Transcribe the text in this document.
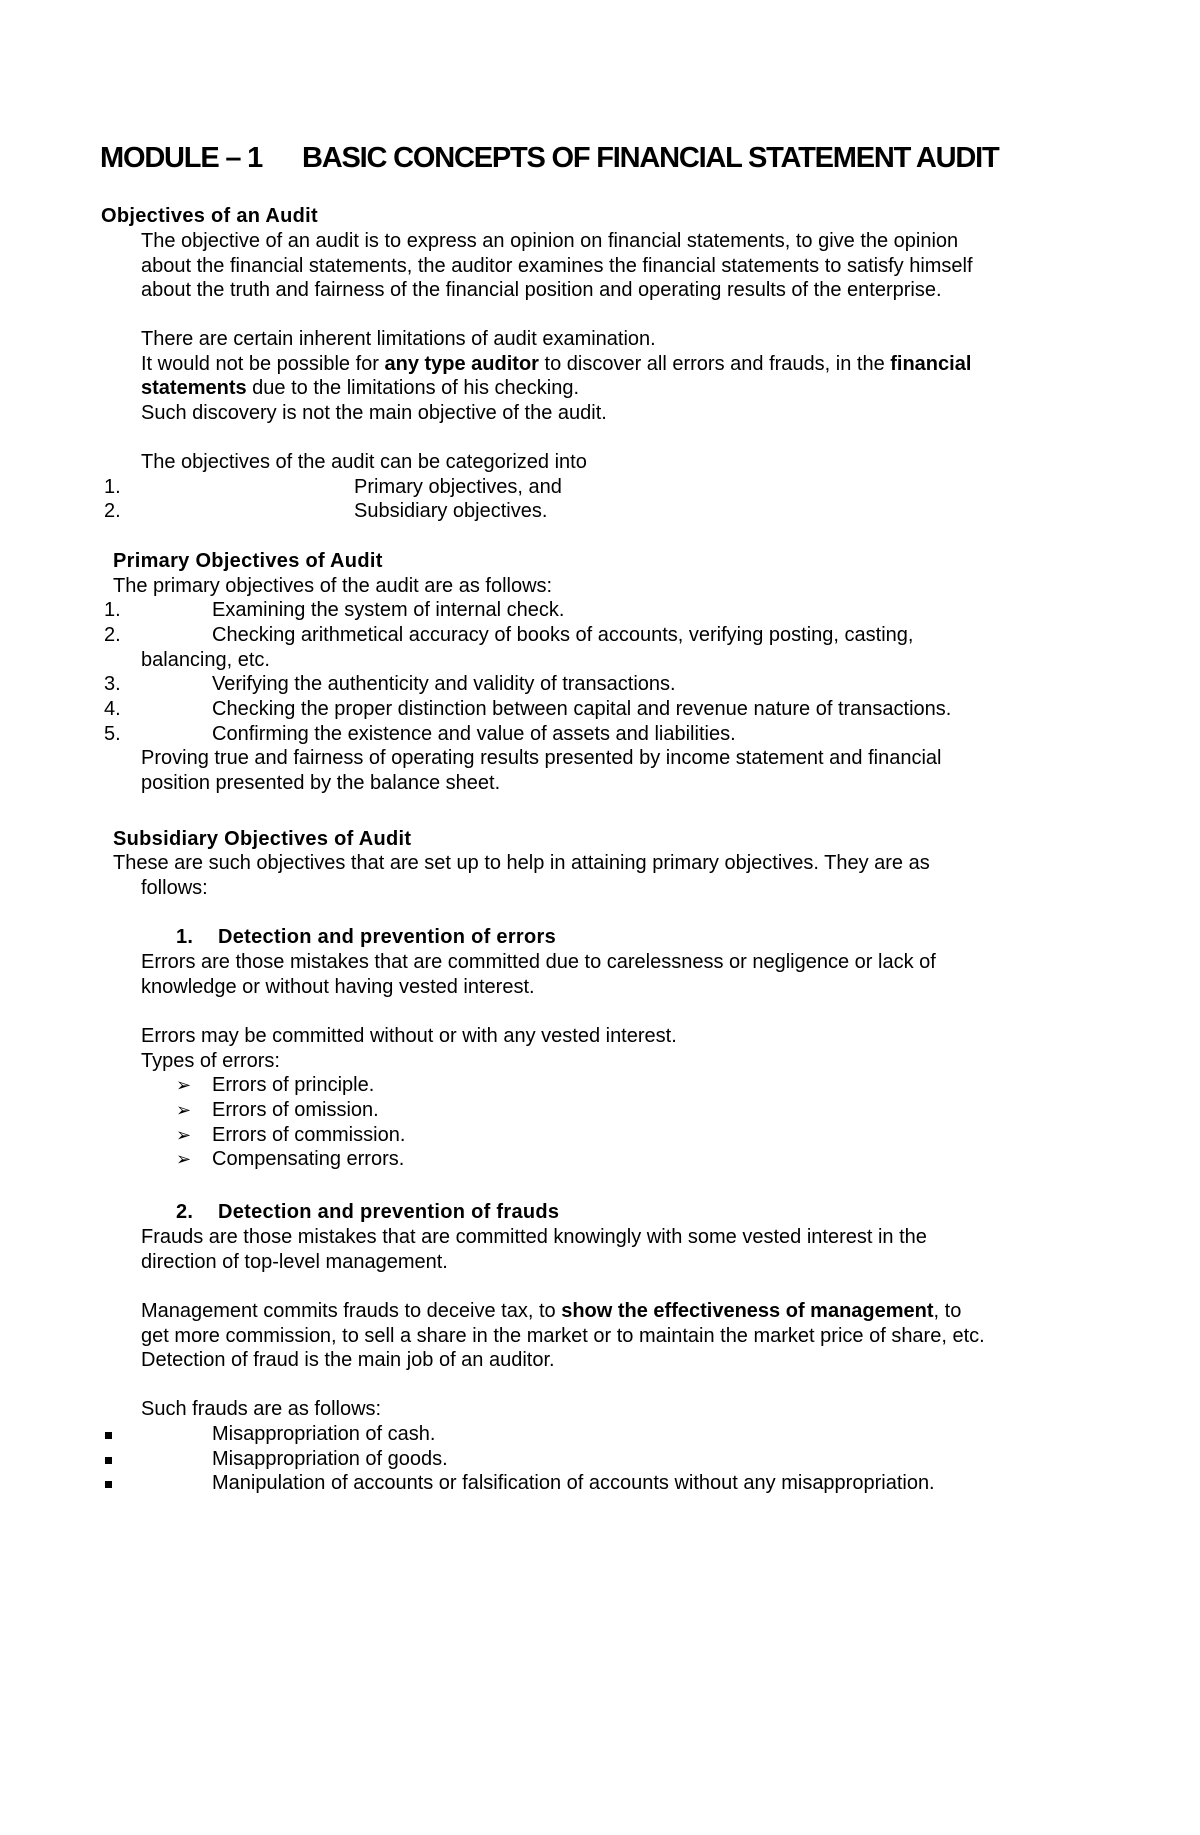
MODULE – 1 BASIC CONCEPTS OF FINANCIAL STATEMENT AUDIT
Objectives of an Audit
The objective of an audit is to express an opinion on financial statements, to give the opinion
about the financial statements, the auditor examines the financial statements to satisfy himself
about the truth and fairness of the financial position and operating results of the enterprise.
There are certain inherent limitations of audit examination.
It would not be possible for any type auditor to discover all errors and frauds, in the financial
statements due to the limitations of his checking.
Such discovery is not the main objective of the audit.
The objectives of the audit can be categorized into
1.	Primary objectives, and
2.	Subsidiary objectives.
Primary Objectives of Audit
The primary objectives of the audit are as follows:
1.	Examining the system of internal check.
2.	Checking arithmetical accuracy of books of accounts, verifying posting, casting,
balancing, etc.
3.	Verifying the authenticity and validity of transactions.
4.	Checking the proper distinction between capital and revenue nature of transactions.
5.	Confirming the existence and value of assets and liabilities.
Proving true and fairness of operating results presented by income statement and financial
position presented by the balance sheet.
Subsidiary Objectives of Audit
These are such objectives that are set up to help in attaining primary objectives. They are as
follows:
1. Detection and prevention of errors
Errors are those mistakes that are committed due to carelessness or negligence or lack of
knowledge or without having vested interest.
Errors may be committed without or with any vested interest.
Types of errors:
➢ Errors of principle.
➢ Errors of omission.
➢ Errors of commission.
➢ Compensating errors.
2. Detection and prevention of frauds
Frauds are those mistakes that are committed knowingly with some vested interest in the
direction of top-level management.
Management commits frauds to deceive tax, to show the effectiveness of management, to
get more commission, to sell a share in the market or to maintain the market price of share, etc.
Detection of fraud is the main job of an auditor.
Such frauds are as follows:
Misappropriation of cash.
Misappropriation of goods.
Manipulation of accounts or falsification of accounts without any misappropriation.
